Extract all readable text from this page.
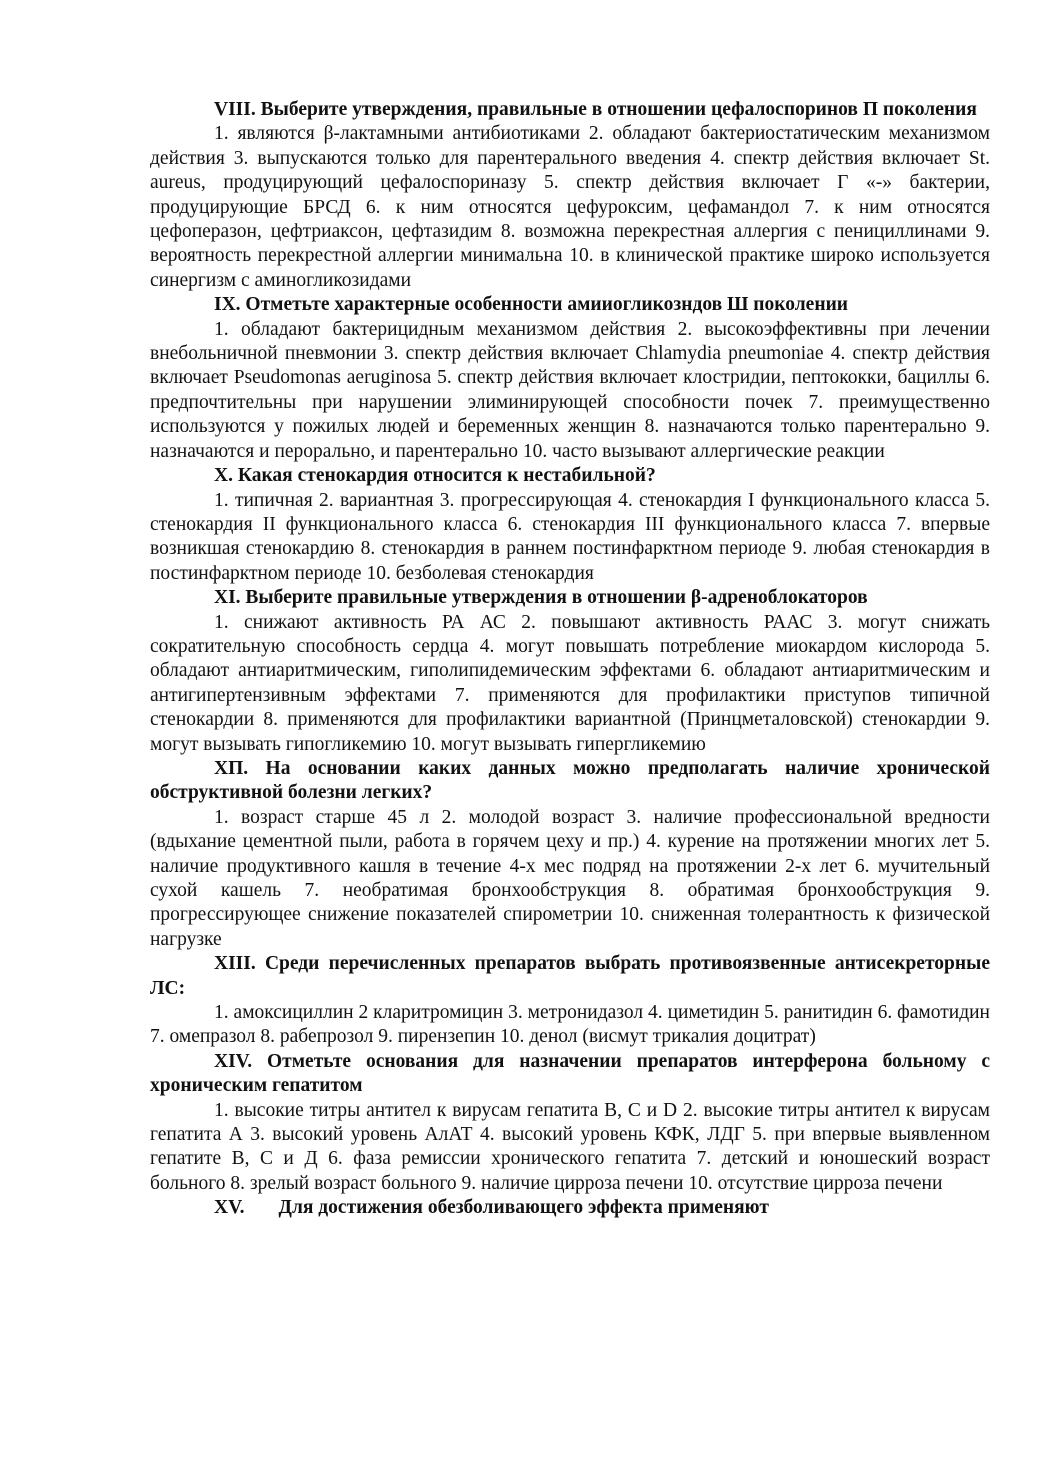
VIII. Выберите утверждения, правильные в отношении цефалоспоринов П поколения

1. являются β-лактамными антибиотиками 2. обладают бактериостатическим механизмом действия 3. выпускаются только для парентерального введения 4. спектр действия включает St. aureus, продуцирующий цефалоспориназу 5. спектр действия включает Г «-» бактерии, продуцирующие БРСД 6. к ним относятся цефуроксим, цефамандол 7. к ним относятся цефоперазон, цефтриаксон, цефтазидим 8. возможна перекрестная аллергия с пенициллинами 9. вероятность перекрестной аллергии минимальна 10. в клинической практике широко используется синергизм с аминогликозидами

IX. Отметьте характерные особенности амииогликозндов Ш поколении

1. обладают бактерицидным механизмом действия 2. высокоэффективны при лечении внебольничной пневмонии 3. спектр действия включает Chlamydia pneumoniae 4. спектр действия включает Pseudomonas aeruginosa 5. спектр действия включает клостридии, пептококки, бациллы 6. предпочтительны при нарушении элиминирующей способности почек 7. преимущественно используются у пожилых людей и беременных женщин 8. назначаются только парентерально 9. назначаются и перорально, и парентерально 10. часто вызывают аллергические реакции

X. Какая стенокардия относится к нестабильной?

1. типичная 2. вариантная 3. прогрессирующая 4. стенокардия I функционального класса 5. стенокардия II функционального класса 6. стенокардия III функционального класса 7. впервые возникшая стенокардию 8. стенокардия в раннем постинфарктном периоде 9. любая стенокардия в постинфарктном периоде 10. безболевая стенокардия

XI. Выберите правильные утверждения в отношении β-адреноблокаторов

1. снижают активность РА АС 2. повышают активность РААС 3. могут снижать сократительную способность сердца 4. могут повышать потребление миокардом кислорода 5. обладают антиаритмическим, гиполипидемическим эффектами 6. обладают антиаритмическим и антигипертензивным эффектами 7. применяются для профилактики приступов типичной стенокардии 8. применяются для профилактики вариантной (Принцметаловской) стенокардии 9. могут вызывать гипогликемию 10. могут вызывать гипергликемию

ХП. На основании каких данных можно предполагать наличие хронической обструктивной болезни легких?

1. возраст старше 45 л 2. молодой возраст 3. наличие профессиональной вредности (вдыхание цементной пыли, работа в горячем цеху и пр.) 4. курение на протяжении многих лет 5. наличие продуктивного кашля в течение 4-х мес подряд на протяжении 2-х лет 6. мучительный сухой кашель 7. необратимая бронхообструкция 8. обратимая бронхообструкция 9. прогрессирующее снижение показателей спирометрии 10. сниженная толерантность к физической нагрузке

XIII. Среди перечисленных препаратов выбрать противоязвенные антисекреторные ЛС:

1. амоксициллин 2 кларитромицин 3. метронидазол 4. циметидин 5. ранитидин 6. фамотидин 7. омепразол 8. рабепрозол 9. пирензепин 10. денол (висмут трикалия доцитрат)

XIV. Отметьте основания для назначении препаратов интерферона больному с хроническим гепатитом

1. высокие титры антител к вирусам гепатита В, С и D 2. высокие титры антител к вирусам гепатита А 3. высокий уровень АлАТ 4. высокий уровень КФК, ЛДГ 5. при впервые выявленном гепатите В, С и Д 6. фаза ремиссии хронического гепатита 7. детский и юношеский возраст больного 8. зрелый возраст больного 9. наличие цирроза печени 10. отсутствие цирроза печени

XV. Для достижения обезболивающего эффекта применяют
